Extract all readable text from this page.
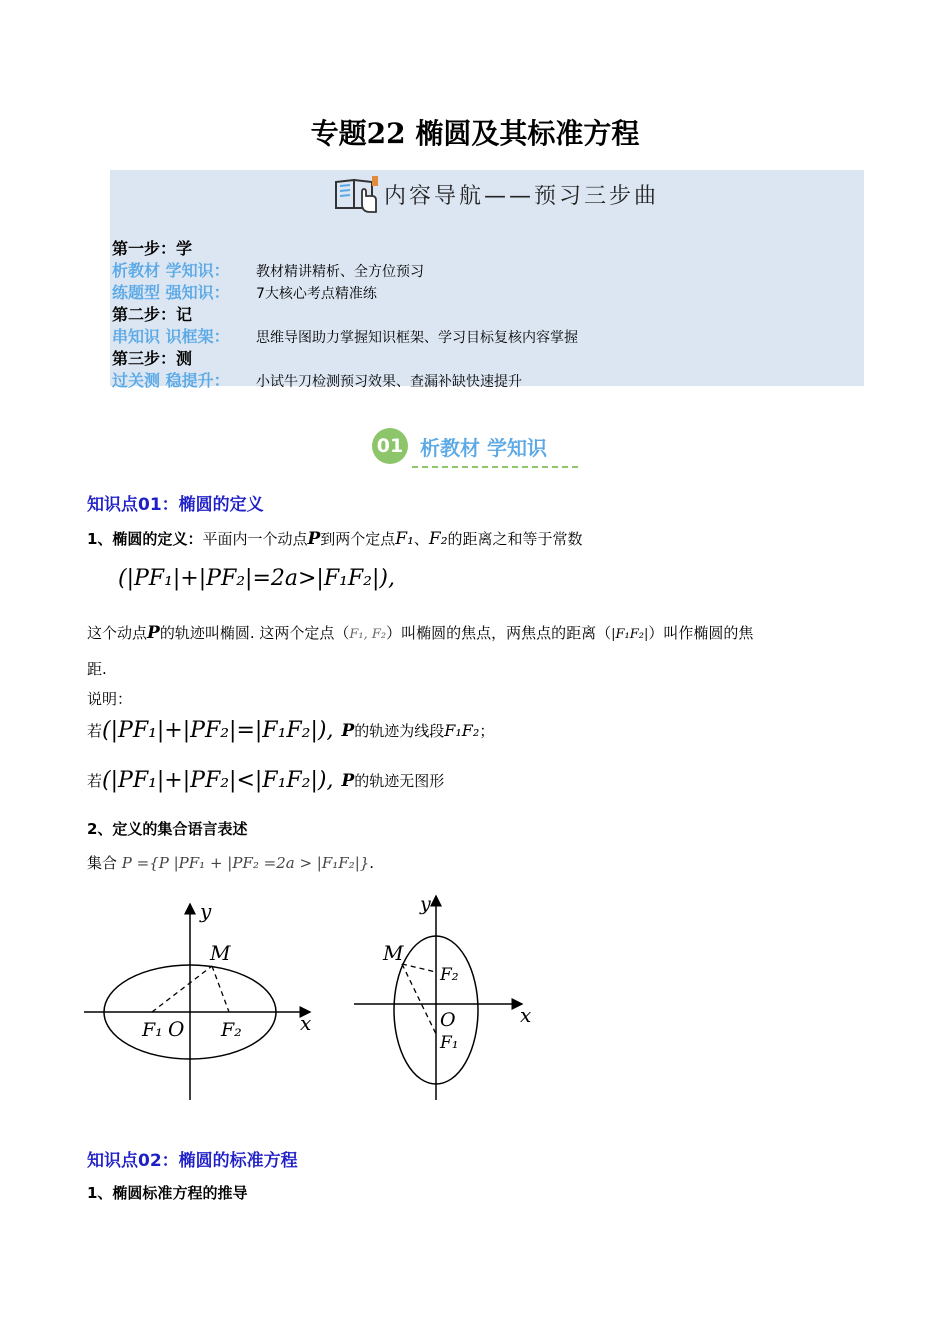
专题22 椭圆及其标准方程
内容导航——预习三步曲
第一步：学
析教材 学知识：	教材精讲精析、全方位预习
练题型 强知识：	7大核心考点精准练
第二步：记
串知识 识框架：	思维导图助力掌握知识框架、学习目标复核内容掌握
第三步：测
过关测 稳提升：	小试牛刀检测预习效果、查漏补缺快速提升
01 析教材 学知识
知识点01：椭圆的定义
1、椭圆的定义：平面内一个动点P到两个定点F₁、F₂的距离之和等于常数
(|PF₁|+|PF₂|=2a>|F₁F₂|),
这个动点P的轨迹叫椭圆. 这两个定点（F₁, F₂）叫椭圆的焦点，两焦点的距离（|F₁F₂|）叫作椭圆的焦
距.
说明：
若 (|PF₁|+|PF₂|=|F₁F₂|), P 的轨迹为线段 F₁F₂ ；
若 (|PF₁|+|PF₂|<|F₁F₂|), P 的轨迹无图形
2、定义的集合语言表述
集合 P ={P |PF₁ + |PF₂ =2a > |F₁F₂|}.
y
x
M
F₁ O F₂
y
x
M
F₂
O
F₁
知识点02：椭圆的标准方程
1、椭圆标准方程的推导
